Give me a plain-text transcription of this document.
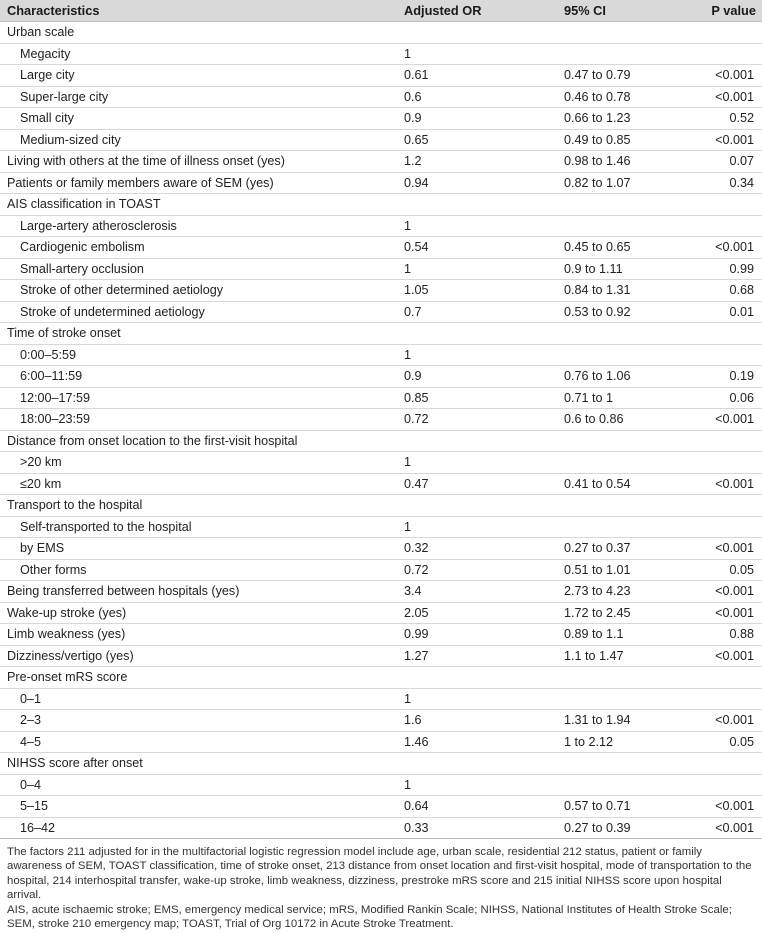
Characteristics	Adjusted OR	95% CI	P value
Urban scale			
Megacity	1		
Large city	0.61	0.47 to 0.79	<0.001
Super-large city	0.6	0.46 to 0.78	<0.001
Small city	0.9	0.66 to 1.23	0.52
Medium-sized city	0.65	0.49 to 0.85	<0.001
Living with others at the time of illness onset (yes)	1.2	0.98 to 1.46	0.07
Patients or family members aware of SEM (yes)	0.94	0.82 to 1.07	0.34
AIS classification in TOAST			
Large-artery atherosclerosis	1		
Cardiogenic embolism	0.54	0.45 to 0.65	<0.001
Small-artery occlusion	1	0.9 to 1.11	0.99
Stroke of other determined aetiology	1.05	0.84 to 1.31	0.68
Stroke of undetermined aetiology	0.7	0.53 to 0.92	0.01
Time of stroke onset			
0:00–5:59	1		
6:00–11:59	0.9	0.76 to 1.06	0.19
12:00–17:59	0.85	0.71 to 1	0.06
18:00–23:59	0.72	0.6 to 0.86	<0.001
Distance from onset location to the first-visit hospital			
>20 km	1		
≤20 km	0.47	0.41 to 0.54	<0.001
Transport to the hospital			
Self-transported to the hospital	1		
by EMS	0.32	0.27 to 0.37	<0.001
Other forms	0.72	0.51 to 1.01	0.05
Being transferred between hospitals (yes)	3.4	2.73 to 4.23	<0.001
Wake-up stroke (yes)	2.05	1.72 to 2.45	<0.001
Limb weakness (yes)	0.99	0.89 to 1.1	0.88
Dizziness/vertigo (yes)	1.27	1.1 to 1.47	<0.001
Pre-onset mRS score			
0–1	1		
2–3	1.6	1.31 to 1.94	<0.001
4–5	1.46	1 to 2.12	0.05
NIHSS score after onset			
0–4	1		
5–15	0.64	0.57 to 0.71	<0.001
16–42	0.33	0.27 to 0.39	<0.001

The factors 211 adjusted for in the multifactorial logistic regression model include age, urban scale, residential 212 status, patient or family awareness of SEM, TOAST classification, time of stroke onset, 213 distance from onset location and first-visit hospital, mode of transportation to the hospital, 214 interhospital transfer, wake-up stroke, limb weakness, dizziness, prestroke mRS score and 215 initial NIHSS score upon hospital arrival.

AIS, acute ischaemic stroke; EMS, emergency medical service; mRS, Modified Rankin Scale; NIHSS, National Institutes of Health Stroke Scale; SEM, stroke 210 emergency map; TOAST, Trial of Org 10172 in Acute Stroke Treatment.
